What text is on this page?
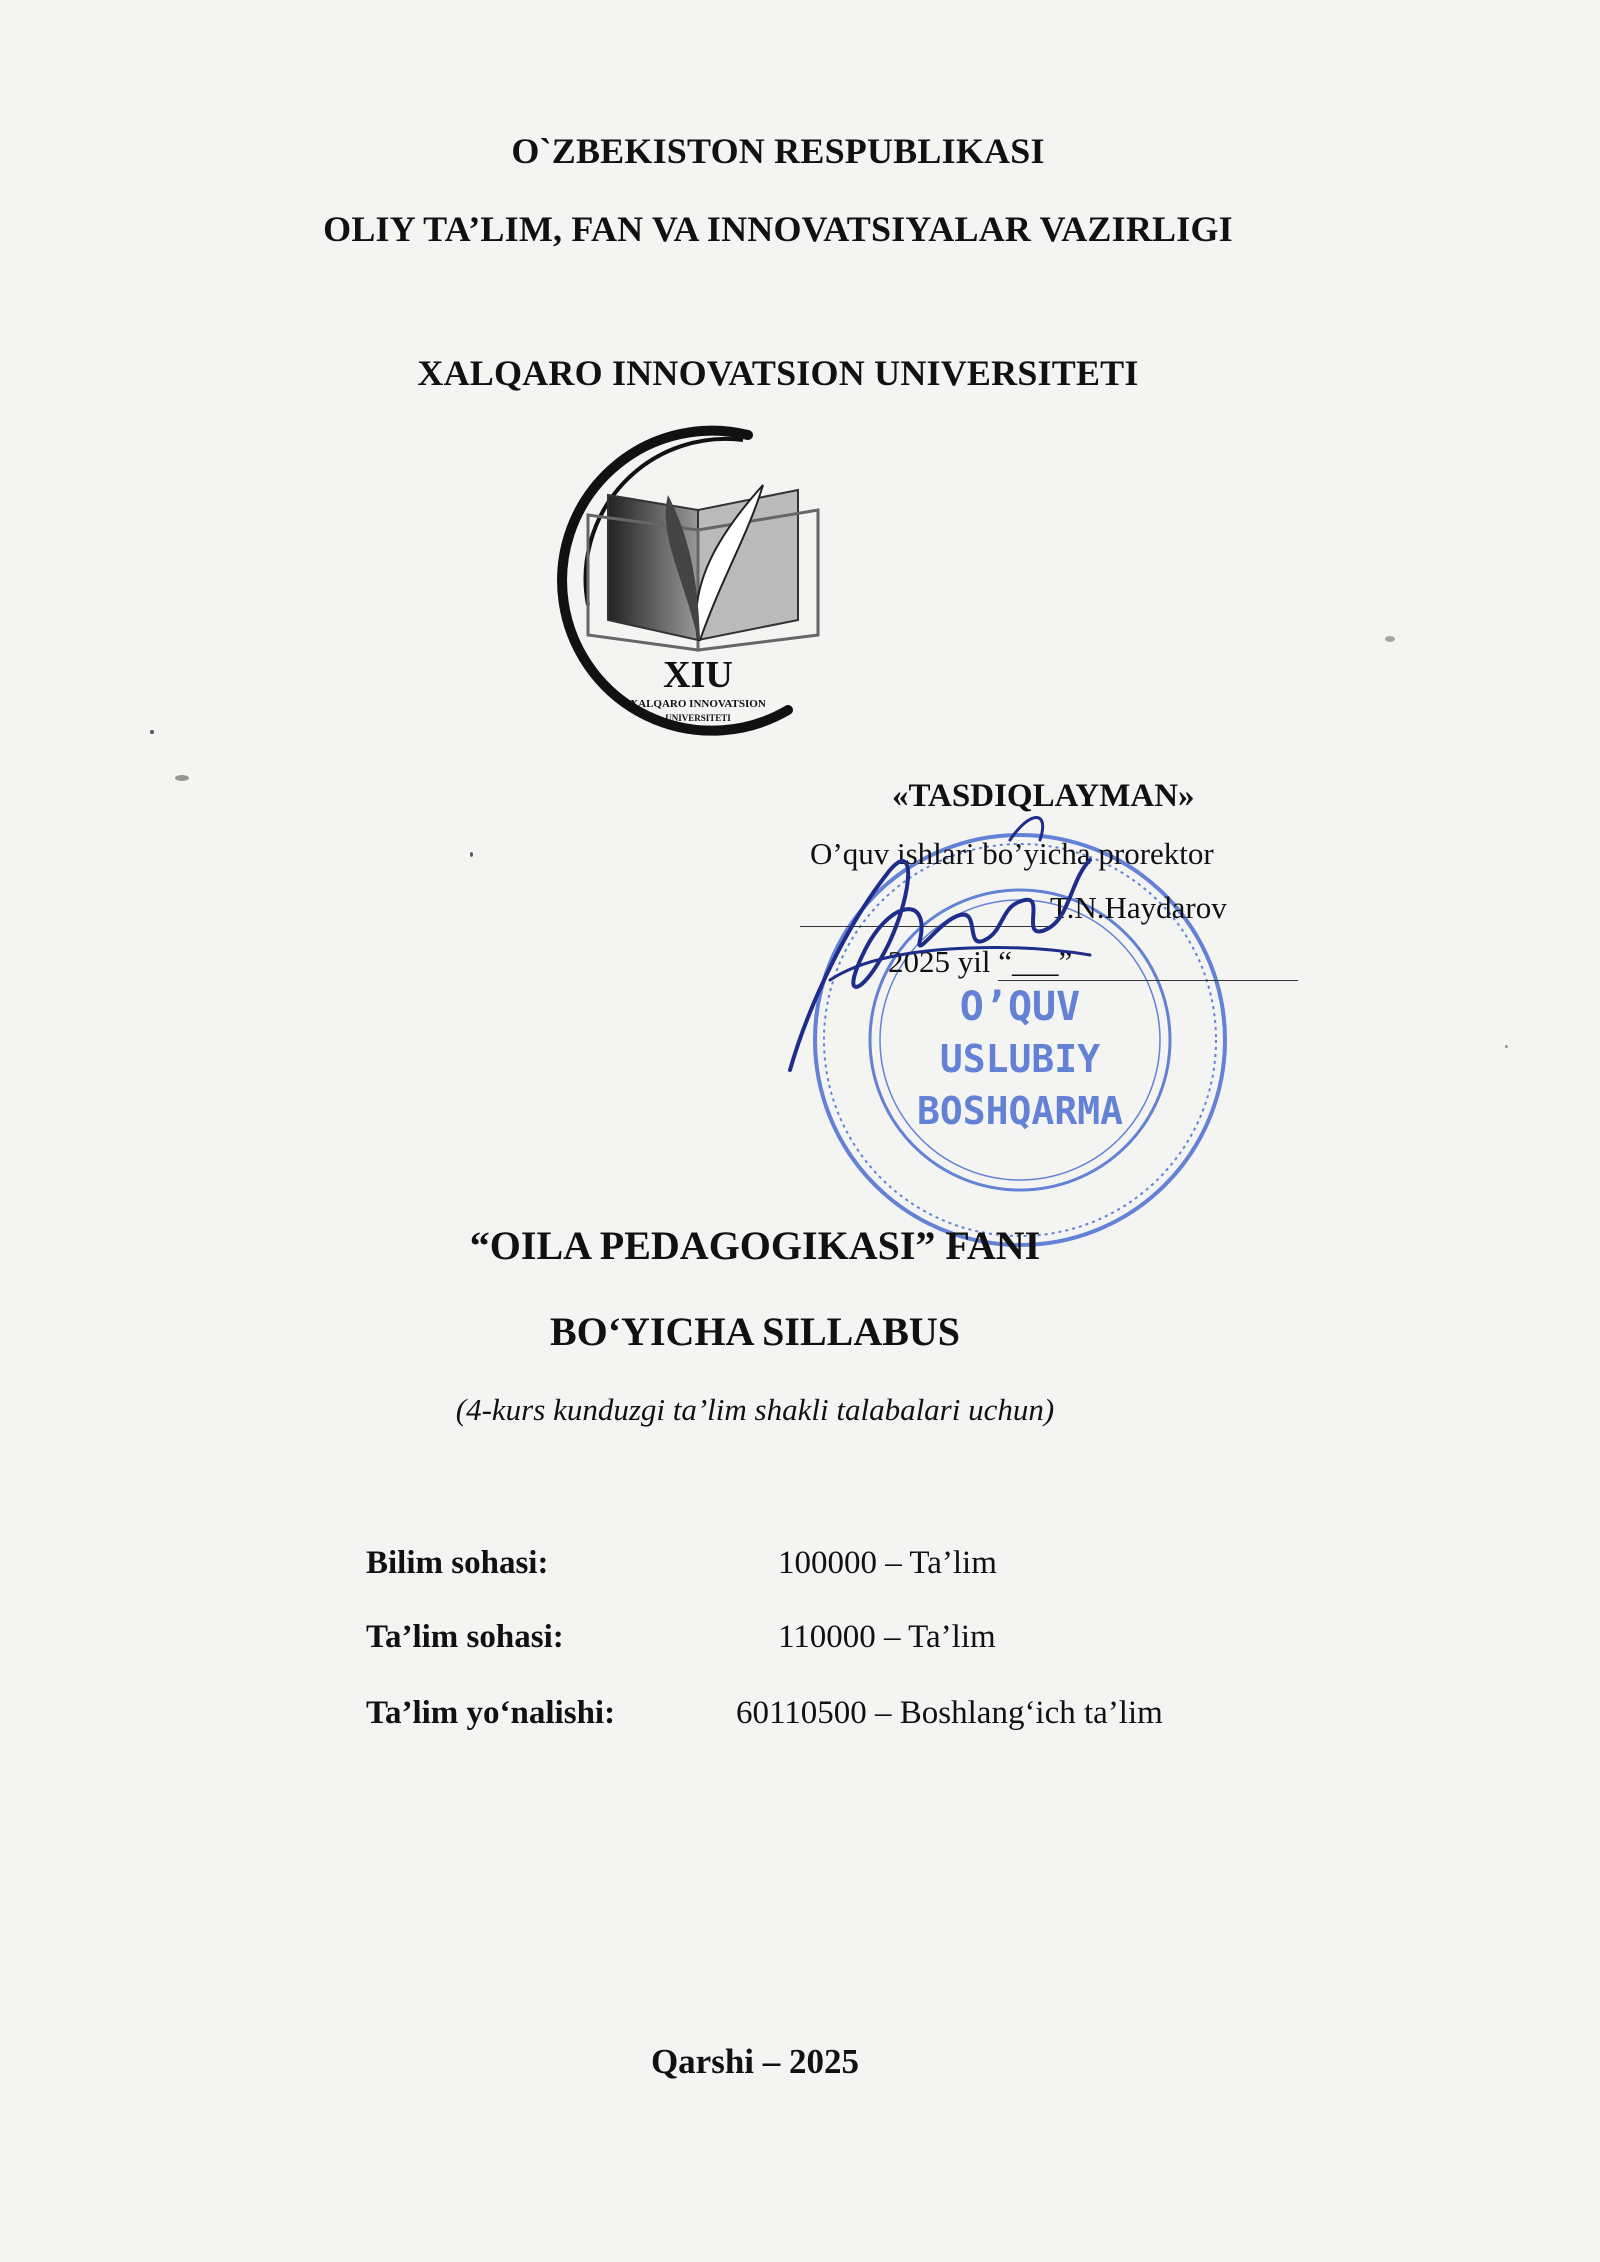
O`ZBEKISTON RESPUBLIKASI
OLIY TA’LIM, FAN VA INNOVATSIYALAR VAZIRLIGI
XALQARO INNOVATSION UNIVERSITETI
XIU
XALQARO INNOVATSION
UNIVERSITETI
O’QUV
USLUBIY
BOSHQARMA
«TASDIQLAYMAN»
O’quv ishlari bo’yicha prorektor
T.N.Haydarov
2025 yil “___”
“OILA PEDAGOGIKASI” FANI
BO‘YICHA SILLABUS
(4-kurs kunduzgi ta’lim shakli talabalari uchun)
Bilim sohasi:	100000 – Ta’lim
Ta’lim sohasi:	110000 – Ta’lim
Ta’lim yo‘nalishi:	60110500 – Boshlang‘ich ta’lim
Qarshi – 2025
